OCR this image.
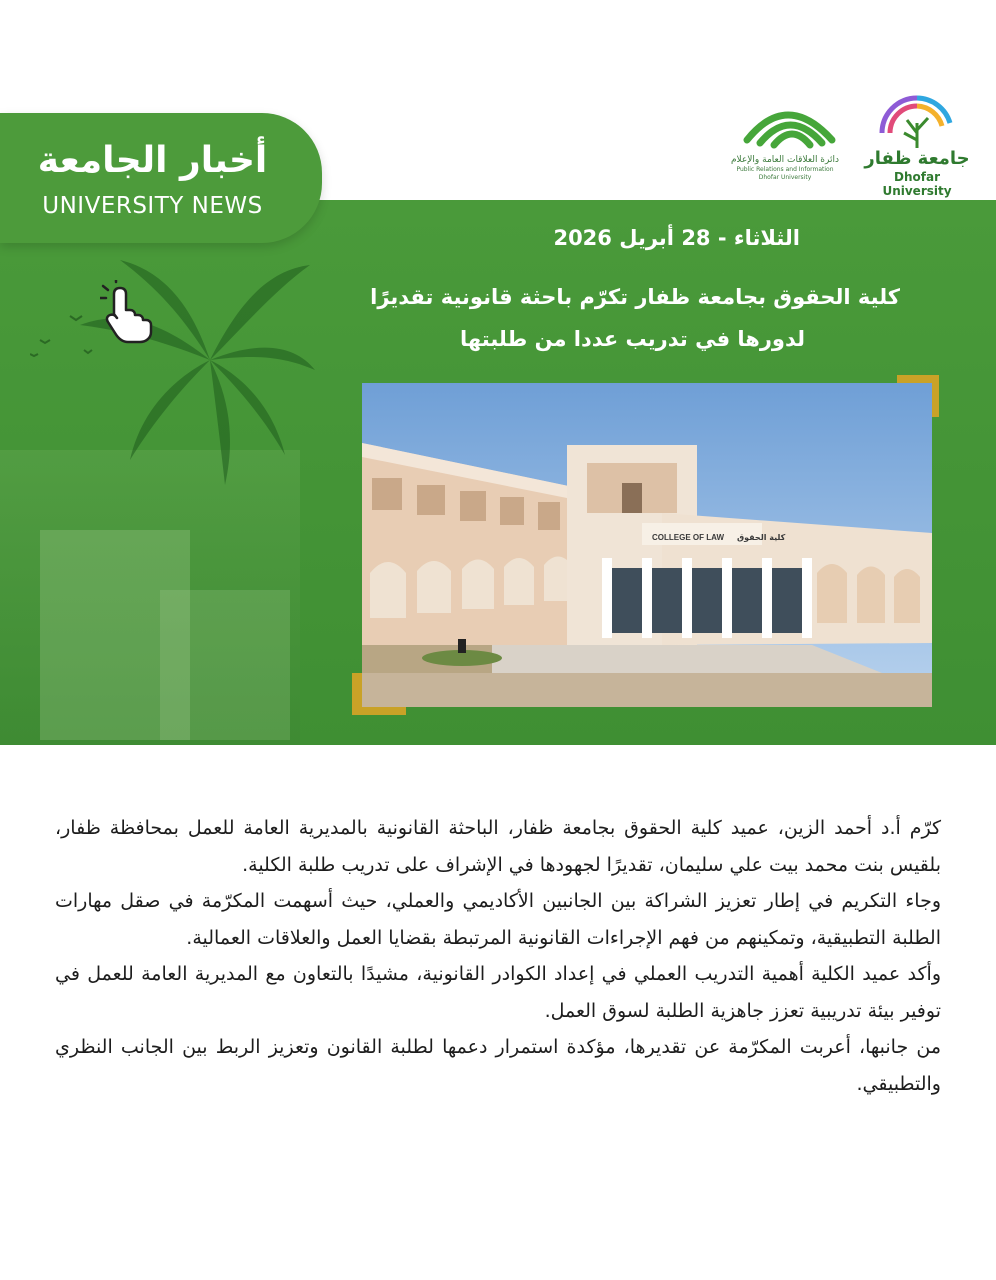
أخبار الجامعة
UNIVERSITY NEWS
جامعة ظفار
Dhofar University
دائرة العلاقات العامة والإعلام
Public Relations and Information
Dhofar University
الثلاثاء - 28 أبريل 2026
كلية الحقوق بجامعة ظفار تكرّم باحثة قانونية تقديرًا
لدورها في تدريب عددا من طلبتها
COLLEGE OF LAW كلية الحقوق

كرّم أ.د أحمد الزين، عميد كلية الحقوق بجامعة ظفار، الباحثة القانونية بالمديرية العامة للعمل بمحافظة ظفار، بلقيس بنت محمد بيت علي سليمان، تقديرًا لجهودها في الإشراف على تدريب طلبة الكلية.

وجاء التكريم في إطار تعزيز الشراكة بين الجانبين الأكاديمي والعملي، حيث أسهمت المكرّمة في صقل مهارات الطلبة التطبيقية، وتمكينهم من فهم الإجراءات القانونية المرتبطة بقضايا العمل والعلاقات العمالية.

وأكد عميد الكلية أهمية التدريب العملي في إعداد الكوادر القانونية، مشيدًا بالتعاون مع المديرية العامة للعمل في توفير بيئة تدريبية تعزز جاهزية الطلبة لسوق العمل.

من جانبها، أعربت المكرّمة عن تقديرها، مؤكدة استمرار دعمها لطلبة القانون وتعزيز الربط بين الجانب النظري والتطبيقي.
